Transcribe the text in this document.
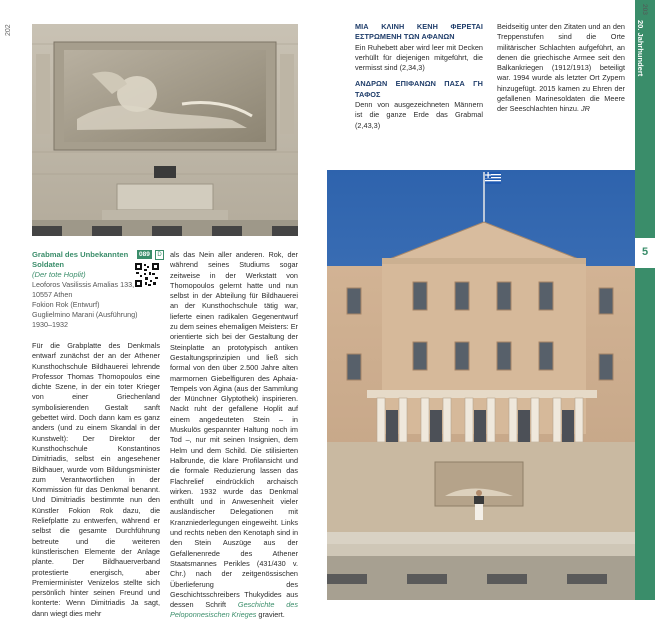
202
Grabmal des Unbekannten Soldaten
(Der tote Hoplit)
Leoforos Vasilissis Amalias 133,
10557 Athen
Fokion Rok (Entwurf)
Guglielmino Marani (Ausführung)
1930–1932
089	D
Für die Grabplatte des Denkmals entwarf zunächst der an der Athener Kunsthochschule Bildhauerei lehrende Professor Thomas Thomopoulos eine dichte Szene, in der ein toter Krieger von einer Griechenland symbolisierenden Gestalt sanft gebettet wird. Doch dann kam es ganz anders (und zu einem Skandal in der Kunstwelt): Der Direktor der Kunsthochschule Konstantinos Dimitriadis, selbst ein angesehener Bildhauer, wurde vom Bildungsminister zum Verantwortlichen in der Kommission für das Denkmal benannt. Und Dimitriadis bestimmte nun den Künstler Fokion Rok dazu, die Reliefplatte zu entwerfen, während er selbst die gesamte Durchführung betreute und die weiteren künstlerischen Elemente der Anlage plante. Der Bildhauerverband protestierte energisch, aber Premierminister Venizelos stellte sich persönlich hinter seinen Freund und konterte: Wenn Dimitriadis Ja sagt, dann wiegt dies mehr
als das Nein aller anderen. Rok, der während seines Studiums sogar zeitweise in der Werkstatt von Thomopoulos gelernt hatte und nun selbst in der Abteilung für Bildhauerei an der Kunsthochschule tätig war, lieferte einen radikalen Gegenentwurf zu dem seines ehemaligen Meisters: Er orientierte sich bei der Gestaltung der Steinplatte an prototypisch antiken Gestaltungsprinzipien und ließ sich formal von den über 2.500 Jahre alten marmornen Giebelfiguren des Aphaia-Tempels von Ägina (aus der Sammlung der Münchner Glyptothek) inspirieren. Nackt ruht der gefallene Hoplit auf einem angedeuteten Stein – in Muskulös gespannter Haltung noch im Tod –, nur mit seinen Insignien, dem Helm und dem Schild. Die stilisierten Halbrunde, die klare Profilansicht und die formale Reduzierung lassen das Flachrelief eindrücklich archaisch wirken. 1932 wurde das Denkmal enthüllt und in Anwesenheit vieler ausländischer Delegationen mit Kranzniederlegungen eingeweiht. Links und rechts neben den Kenotaph sind in den Stein Auszüge aus der Gefallenenrede des Athener Staatsmannes Perikles (431/430 v. Chr.) nach der zeitgenössischen Überlieferung des Geschichtsschreibers Thukydides aus dessen Schrift Geschichte des Peloponnesischen Krieges graviert.
ΜΙΑ ΚΛΙΝΗ ΚΕΝΗ ΦΕΡΕΤΑΙ ΕΣΤΡΩΜΕΝΗ ΤΩΝ ΑΦΑΝΩΝ
Ein Ruhebett aber wird leer mit Decken verhüllt für diejenigen mitgeführt, die vermisst sind (2,34,3)
ΑΝΔΡΩΝ ΕΠΙΦΑΝΩΝ ΠΑΣΑ ΓΗ ΤΑΦΟΣ
Denn von ausgezeichneten Männern ist die ganze Erde das Grabmal (2,43,3)
Beidseitig unter den Zitaten und an den Treppenstufen sind die Orte militärischer Schlachten aufgeführt, an denen die griechische Armee seit den Balkankriegen (1912/1913) beteiligt war. 1994 wurde als letzter Ort Zypern hinzugefügt. 2015 kamen zu Ehren der gefallenen Marinesoldaten die Meere der Seeschlachten hinzu. JR
5
20. Jahrhundert
203
